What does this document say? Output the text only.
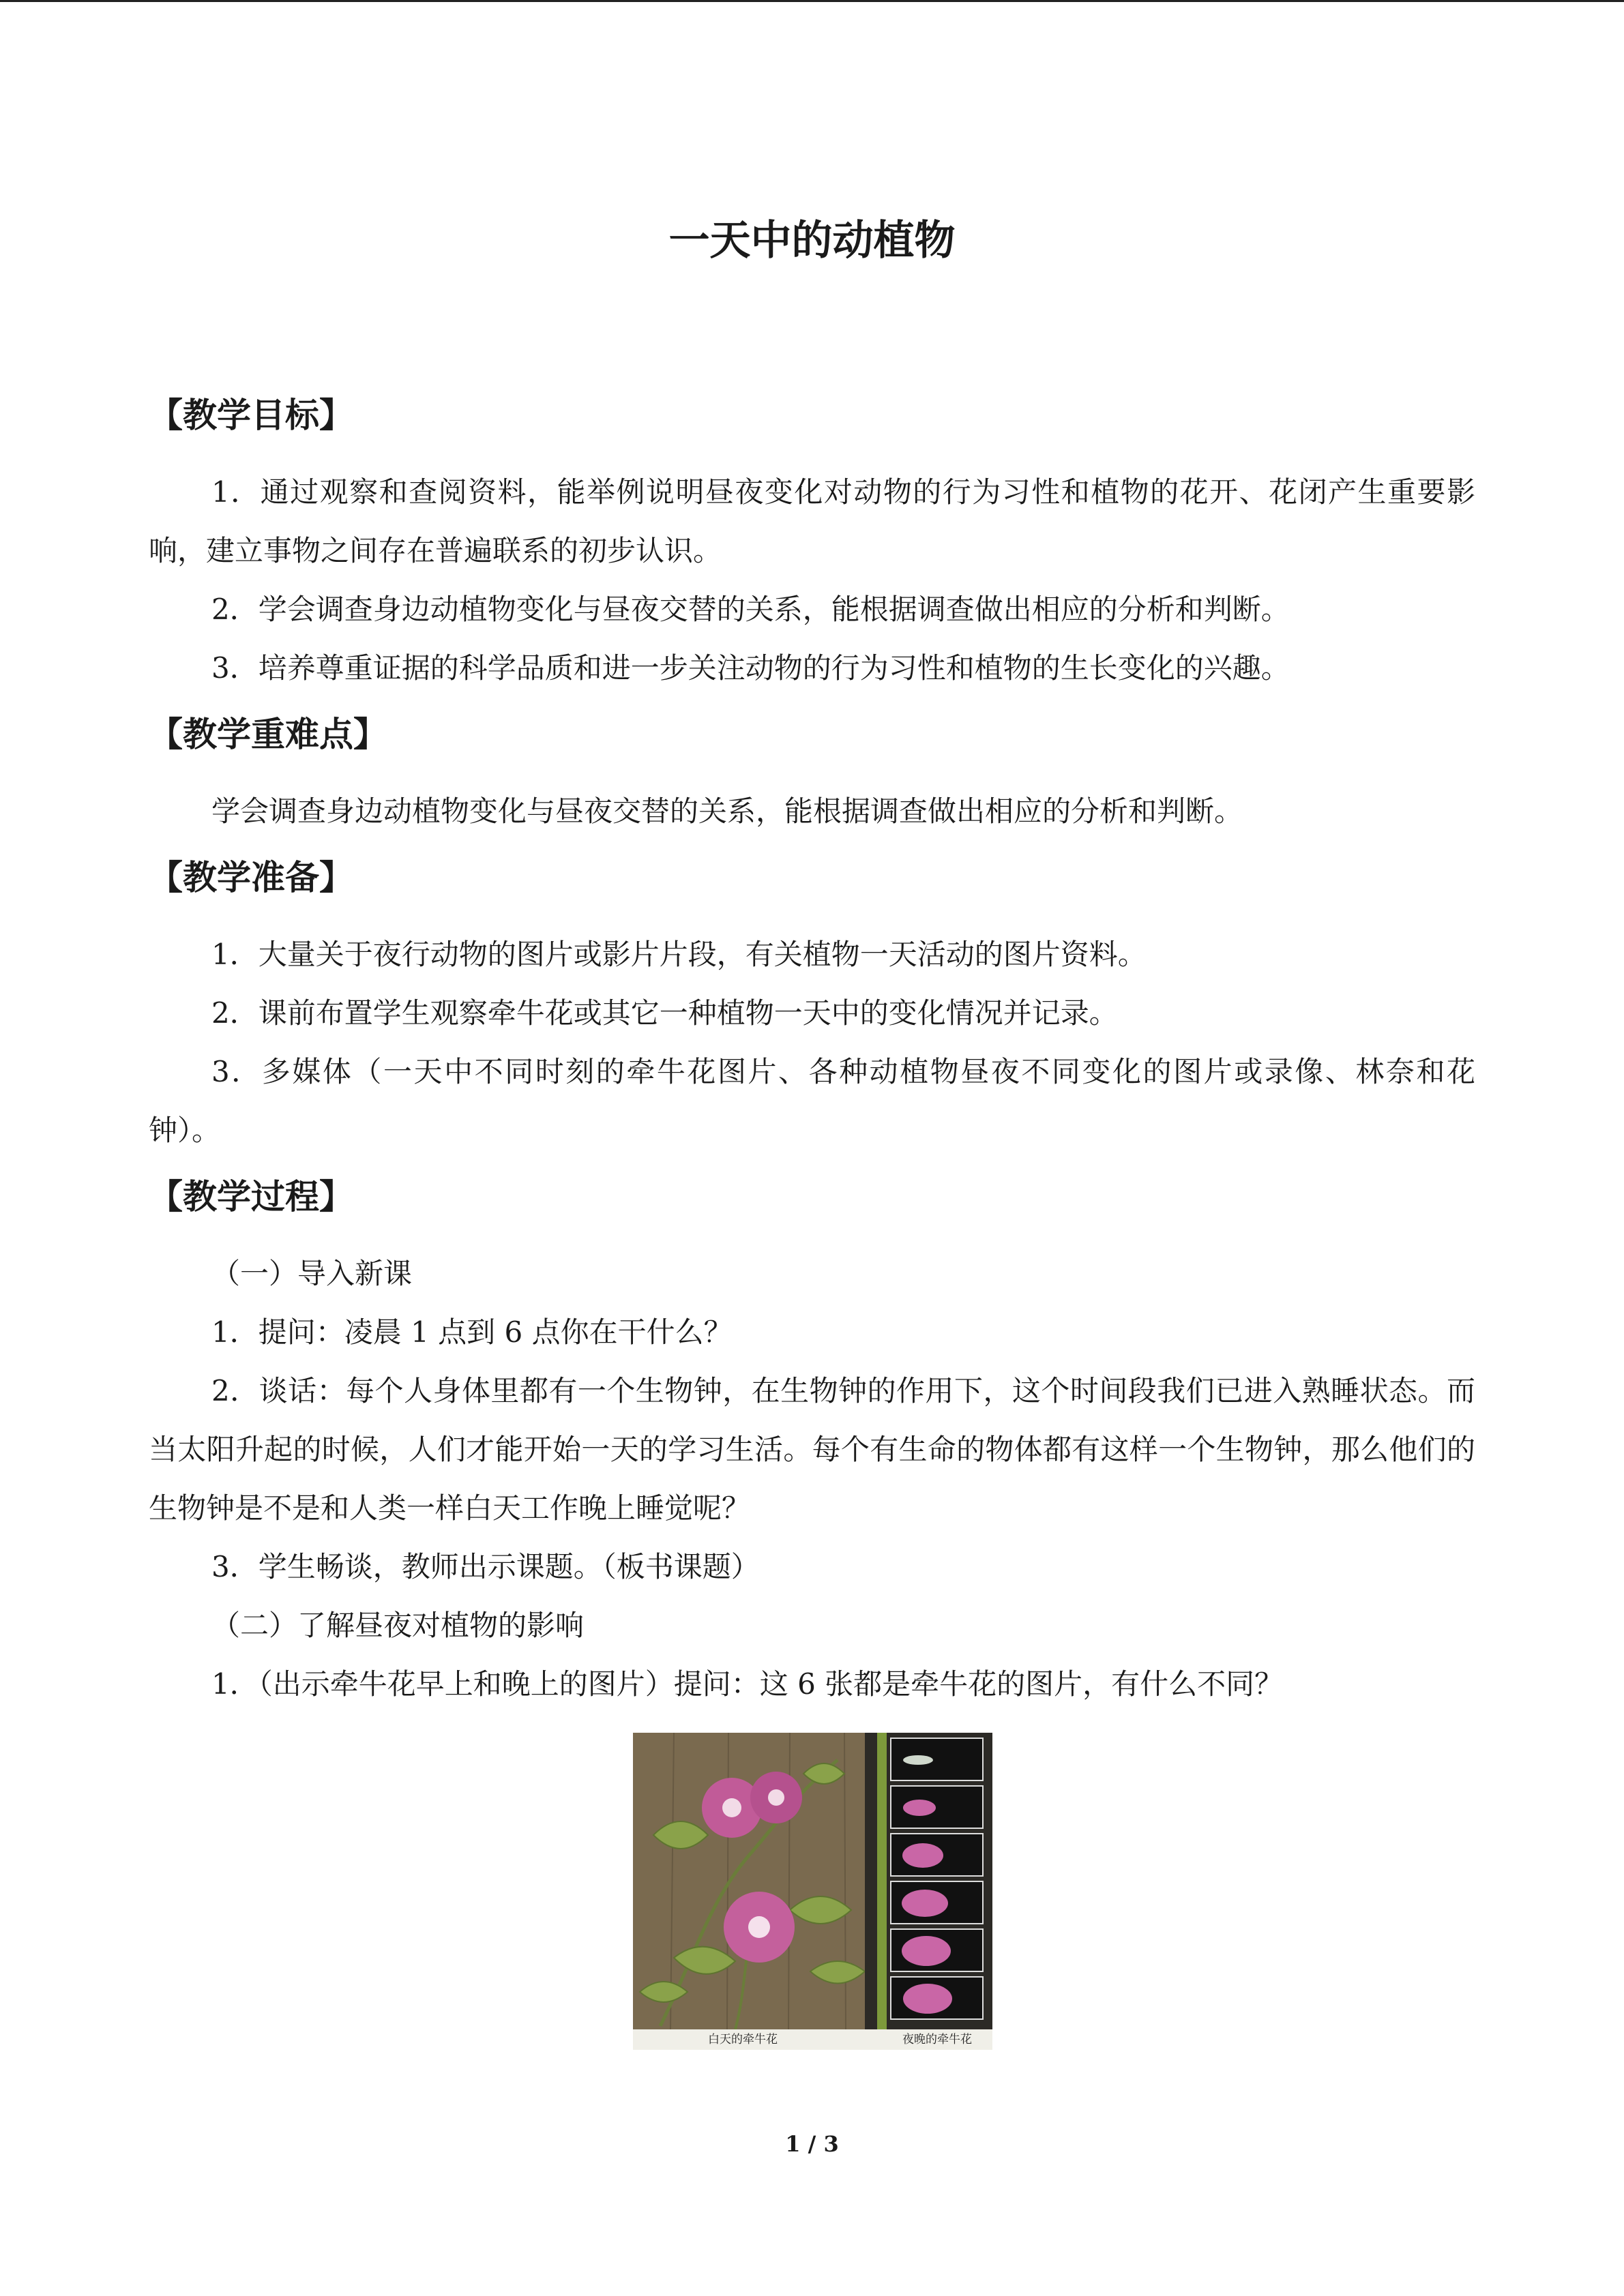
一天中的动植物
【教学目标】

1．通过观察和查阅资料，能举例说明昼夜变化对动物的行为习性和植物的花开、花闭产生重要影响，建立事物之间存在普遍联系的初步认识。

2．学会调查身边动植物变化与昼夜交替的关系，能根据调查做出相应的分析和判断。

3．培养尊重证据的科学品质和进一步关注动物的行为习性和植物的生长变化的兴趣。

【教学重难点】

学会调查身边动植物变化与昼夜交替的关系，能根据调查做出相应的分析和判断。

【教学准备】

1．大量关于夜行动物的图片或影片片段，有关植物一天活动的图片资料。

2．课前布置学生观察牵牛花或其它一种植物一天中的变化情况并记录。

3．多媒体（一天中不同时刻的牵牛花图片、各种动植物昼夜不同变化的图片或录像、林奈和花钟）。

【教学过程】

（一）导入新课

1．提问：凌晨 1 点到 6 点你在干什么？

2．谈话：每个人身体里都有一个生物钟，在生物钟的作用下，这个时间段我们已进入熟睡状态。而当太阳升起的时候，人们才能开始一天的学习生活。每个有生命的物体都有这样一个生物钟，那么他们的生物钟是不是和人类一样白天工作晚上睡觉呢？

3．学生畅谈，教师出示课题。（板书课题）

（二）了解昼夜对植物的影响

1．（出示牵牛花早上和晚上的图片）提问：这 6 张都是牵牛花的图片，有什么不同？

白天的牵牛花	夜晚的牵牛花
1 / 3
